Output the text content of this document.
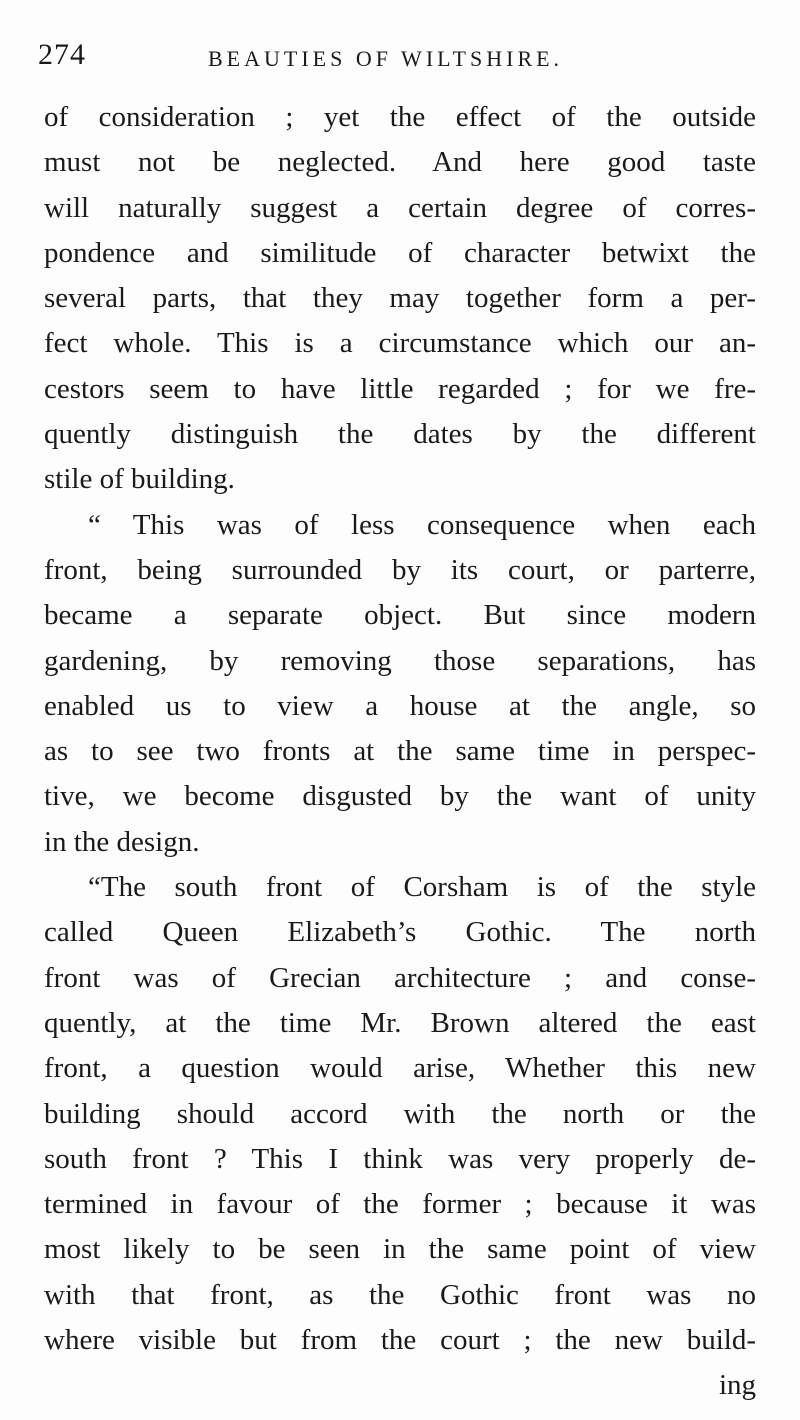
274	BEAUTIES OF WILTSHIRE.
of consideration ; yet the effect of the outside
must not be neglected. And here good taste
will naturally suggest a certain degree of corres-
pondence and similitude of character betwixt the
several parts, that they may together form a per-
fect whole. This is a circumstance which our an-
cestors seem to have little regarded ; for we fre-
quently distinguish the dates by the different
stile of building.
“ This was of less consequence when each
front, being surrounded by its court, or parterre,
became a separate object. But since modern
gardening, by removing those separations, has
enabled us to view a house at the angle, so
as to see two fronts at the same time in perspec-
tive, we become disgusted by the want of unity
in the design.
“The south front of Corsham is of the style
called Queen Elizabeth’s Gothic. The north
front was of Grecian architecture ; and conse-
quently, at the time Mr. Brown altered the east
front, a question would arise, Whether this new
building should accord with the north or the
south front ? This I think was very properly de-
termined in favour of the former ; because it was
most likely to be seen in the same point of view
with that front, as the Gothic front was no
where visible but from the court ; the new build-
ing
